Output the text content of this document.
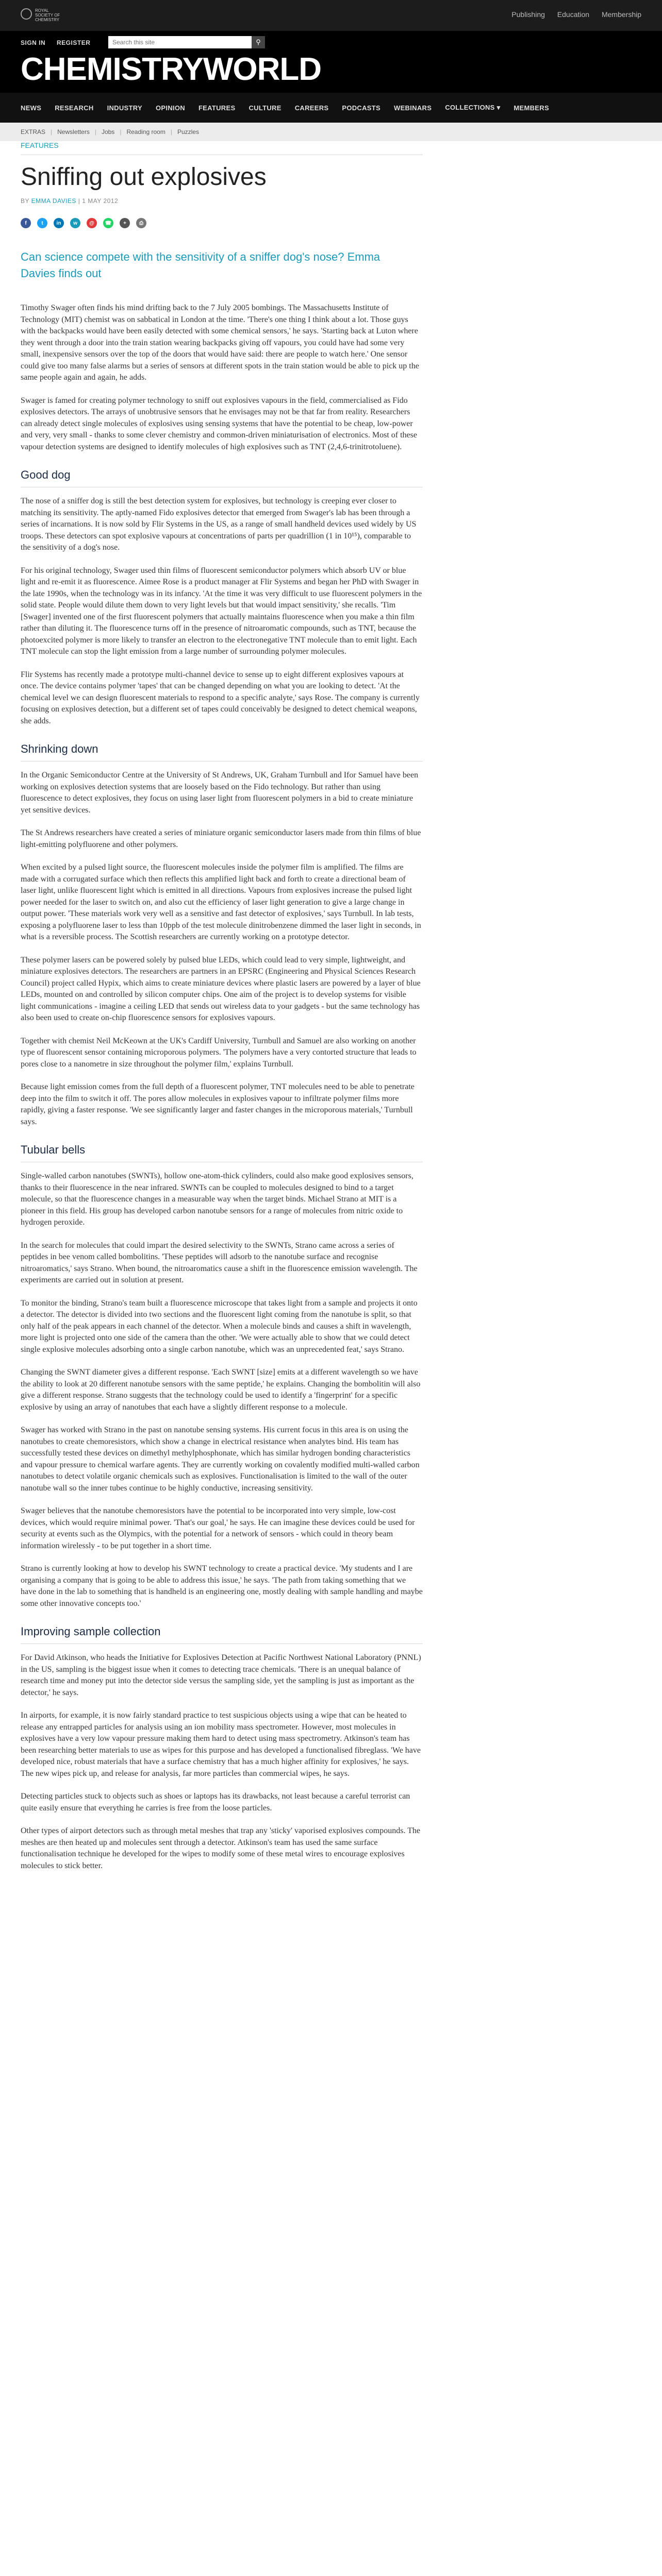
ROYAL SOCIETY OF CHEMISTRY
Publishing Education Membership
SIGN IN REGISTER
Search this site	⚲
CHEMISTRYWORLD
NEWS RESEARCH INDUSTRY OPINION FEATURES CULTURE CAREERS PODCASTS WEBINARS COLLECTIONS ▾ MEMBERS
EXTRAS | Newsletters | Jobs | Reading room | Puzzles
FEATURES
Sniffing out explosives
BY EMMA DAVIES | 1 MAY 2012
f	t	in	w	@	☎	+	⎙
Can science compete with the sensitivity of a sniffer dog's nose? Emma Davies finds out

Timothy Swager often finds his mind drifting back to the 7 July 2005 bombings. The Massachusetts Institute of Technology (MIT) chemist was on sabbatical in London at the time. 'There's one thing I think about a lot. Those guys with the backpacks would have been easily detected with some chemical sensors,' he says. 'Starting back at Luton where they went through a door into the train station wearing backpacks giving off vapours, you could have had some very small, inexpensive sensors over the top of the doors that would have said: there are people to watch here.' One sensor could give too many false alarms but a series of sensors at different spots in the train station would be able to pick up the same people again and again, he adds.

Swager is famed for creating polymer technology to sniff out explosives vapours in the field, commercialised as Fido explosives detectors. The arrays of unobtrusive sensors that he envisages may not be that far from reality. Researchers can already detect single molecules of explosives using sensing systems that have the potential to be cheap, low-power and very, very small - thanks to some clever chemistry and common-driven miniaturisation of electronics. Most of these vapour detection systems are designed to identify molecules of high explosives such as TNT (2,4,6-trinitrotoluene).

Good dog

The nose of a sniffer dog is still the best detection system for explosives, but technology is creeping ever closer to matching its sensitivity. The aptly-named Fido explosives detector that emerged from Swager's lab has been through a series of incarnations. It is now sold by Flir Systems in the US, as a range of small handheld devices used widely by US troops. These detectors can spot explosive vapours at concentrations of parts per quadrillion (1 in 10¹⁵), comparable to the sensitivity of a dog's nose.

For his original technology, Swager used thin films of fluorescent semiconductor polymers which absorb UV or blue light and re-emit it as fluorescence. Aimee Rose is a product manager at Flir Systems and began her PhD with Swager in the late 1990s, when the technology was in its infancy. 'At the time it was very difficult to use fluorescent polymers in the solid state. People would dilute them down to very light levels but that would impact sensitivity,' she recalls. 'Tim [Swager] invented one of the first fluorescent polymers that actually maintains fluorescence when you make a thin film rather than diluting it. The fluorescence turns off in the presence of nitroaromatic compounds, such as TNT, because the photoexcited polymer is more likely to transfer an electron to the electronegative TNT molecule than to emit light. Each TNT molecule can stop the light emission from a large number of surrounding polymer molecules.

Flir Systems has recently made a prototype multi-channel device to sense up to eight different explosives vapours at once. The device contains polymer 'tapes' that can be changed depending on what you are looking to detect. 'At the chemical level we can design fluorescent materials to respond to a specific analyte,' says Rose. The company is currently focusing on explosives detection, but a different set of tapes could conceivably be designed to detect chemical weapons, she adds.

Shrinking down

In the Organic Semiconductor Centre at the University of St Andrews, UK, Graham Turnbull and Ifor Samuel have been working on explosives detection systems that are loosely based on the Fido technology. But rather than using fluorescence to detect explosives, they focus on using laser light from fluorescent polymers in a bid to create miniature yet sensitive devices.

The St Andrews researchers have created a series of miniature organic semiconductor lasers made from thin films of blue light-emitting polyfluorene and other polymers.

When excited by a pulsed light source, the fluorescent molecules inside the polymer film is amplified. The films are made with a corrugated surface which then reflects this amplified light back and forth to create a directional beam of laser light, unlike fluorescent light which is emitted in all directions. Vapours from explosives increase the pulsed light power needed for the laser to switch on, and also cut the efficiency of laser light generation to give a large change in output power. 'These materials work very well as a sensitive and fast detector of explosives,' says Turnbull. In lab tests, exposing a polyfluorene laser to less than 10ppb of the test molecule dinitrobenzene dimmed the laser light in seconds, in what is a reversible process. The Scottish researchers are currently working on a prototype detector.

These polymer lasers can be powered solely by pulsed blue LEDs, which could lead to very simple, lightweight, and miniature explosives detectors. The researchers are partners in an EPSRC (Engineering and Physical Sciences Research Council) project called Hypix, which aims to create miniature devices where plastic lasers are powered by a layer of blue LEDs, mounted on and controlled by silicon computer chips. One aim of the project is to develop systems for visible light communications - imagine a ceiling LED that sends out wireless data to your gadgets - but the same technology has also been used to create on-chip fluorescence sensors for explosives vapours.

Together with chemist Neil McKeown at the UK's Cardiff University, Turnbull and Samuel are also working on another type of fluorescent sensor containing microporous polymers. 'The polymers have a very contorted structure that leads to pores close to a nanometre in size throughout the polymer film,' explains Turnbull.

Because light emission comes from the full depth of a fluorescent polymer, TNT molecules need to be able to penetrate deep into the film to switch it off. The pores allow molecules in explosives vapour to infiltrate polymer films more rapidly, giving a faster response. 'We see significantly larger and faster changes in the microporous materials,' Turnbull says.

Tubular bells

Single-walled carbon nanotubes (SWNTs), hollow one-atom-thick cylinders, could also make good explosives sensors, thanks to their fluorescence in the near infrared. SWNTs can be coupled to molecules designed to bind to a target molecule, so that the fluorescence changes in a measurable way when the target binds. Michael Strano at MIT is a pioneer in this field. His group has developed carbon nanotube sensors for a range of molecules from nitric oxide to hydrogen peroxide.

In the search for molecules that could impart the desired selectivity to the SWNTs, Strano came across a series of peptides in bee venom called bombolitins. 'These peptides will adsorb to the nanotube surface and recognise nitroaromatics,' says Strano. When bound, the nitroaromatics cause a shift in the fluorescence emission wavelength. The experiments are carried out in solution at present.

To monitor the binding, Strano's team built a fluorescence microscope that takes light from a sample and projects it onto a detector. The detector is divided into two sections and the fluorescent light coming from the nanotube is split, so that only half of the peak appears in each channel of the detector. When a molecule binds and causes a shift in wavelength, more light is projected onto one side of the camera than the other. 'We were actually able to show that we could detect single explosive molecules adsorbing onto a single carbon nanotube, which was an unprecedented feat,' says Strano.

Changing the SWNT diameter gives a different response. 'Each SWNT [size] emits at a different wavelength so we have the ability to look at 20 different nanotube sensors with the same peptide,' he explains. Changing the bombolitin will also give a different response. Strano suggests that the technology could be used to identify a 'fingerprint' for a specific explosive by using an array of nanotubes that each have a slightly different response to a molecule.

Swager has worked with Strano in the past on nanotube sensing systems. His current focus in this area is on using the nanotubes to create chemoresistors, which show a change in electrical resistance when analytes bind. His team has successfully tested these devices on dimethyl methylphosphonate, which has similar hydrogen bonding characteristics and vapour pressure to chemical warfare agents. They are currently working on covalently modified multi-walled carbon nanotubes to detect volatile organic chemicals such as explosives. Functionalisation is limited to the wall of the outer nanotube wall so the inner tubes continue to be highly conductive, increasing sensitivity.

Swager believes that the nanotube chemoresistors have the potential to be incorporated into very simple, low-cost devices, which would require minimal power. 'That's our goal,' he says. He can imagine these devices could be used for security at events such as the Olympics, with the potential for a network of sensors - which could in theory beam information wirelessly - to be put together in a short time.

Strano is currently looking at how to develop his SWNT technology to create a practical device. 'My students and I are organising a company that is going to be able to address this issue,' he says. 'The path from taking something that we have done in the lab to something that is handheld is an engineering one, mostly dealing with sample handling and maybe some other innovative concepts too.'

Improving sample collection

For David Atkinson, who heads the Initiative for Explosives Detection at Pacific Northwest National Laboratory (PNNL) in the US, sampling is the biggest issue when it comes to detecting trace chemicals. 'There is an unequal balance of research time and money put into the detector side versus the sampling side, yet the sampling is just as important as the detector,' he says.

In airports, for example, it is now fairly standard practice to test suspicious objects using a wipe that can be heated to release any entrapped particles for analysis using an ion mobility mass spectrometer. However, most molecules in explosives have a very low vapour pressure making them hard to detect using mass spectrometry. Atkinson's team has been researching better materials to use as wipes for this purpose and has developed a functionalised fibreglass. 'We have developed nice, robust materials that have a surface chemistry that has a much higher affinity for explosives,' he says. The new wipes pick up, and release for analysis, far more particles than commercial wipes, he says.

Detecting particles stuck to objects such as shoes or laptops has its drawbacks, not least because a careful terrorist can quite easily ensure that everything he carries is free from the loose particles.

Other types of airport detectors such as through metal meshes that trap any 'sticky' vaporised explosives compounds. The meshes are then heated up and molecules sent through a detector. Atkinson's team has used the same surface functionalisation technique he developed for the wipes to modify some of these metal wires to encourage explosives molecules to stick better.
